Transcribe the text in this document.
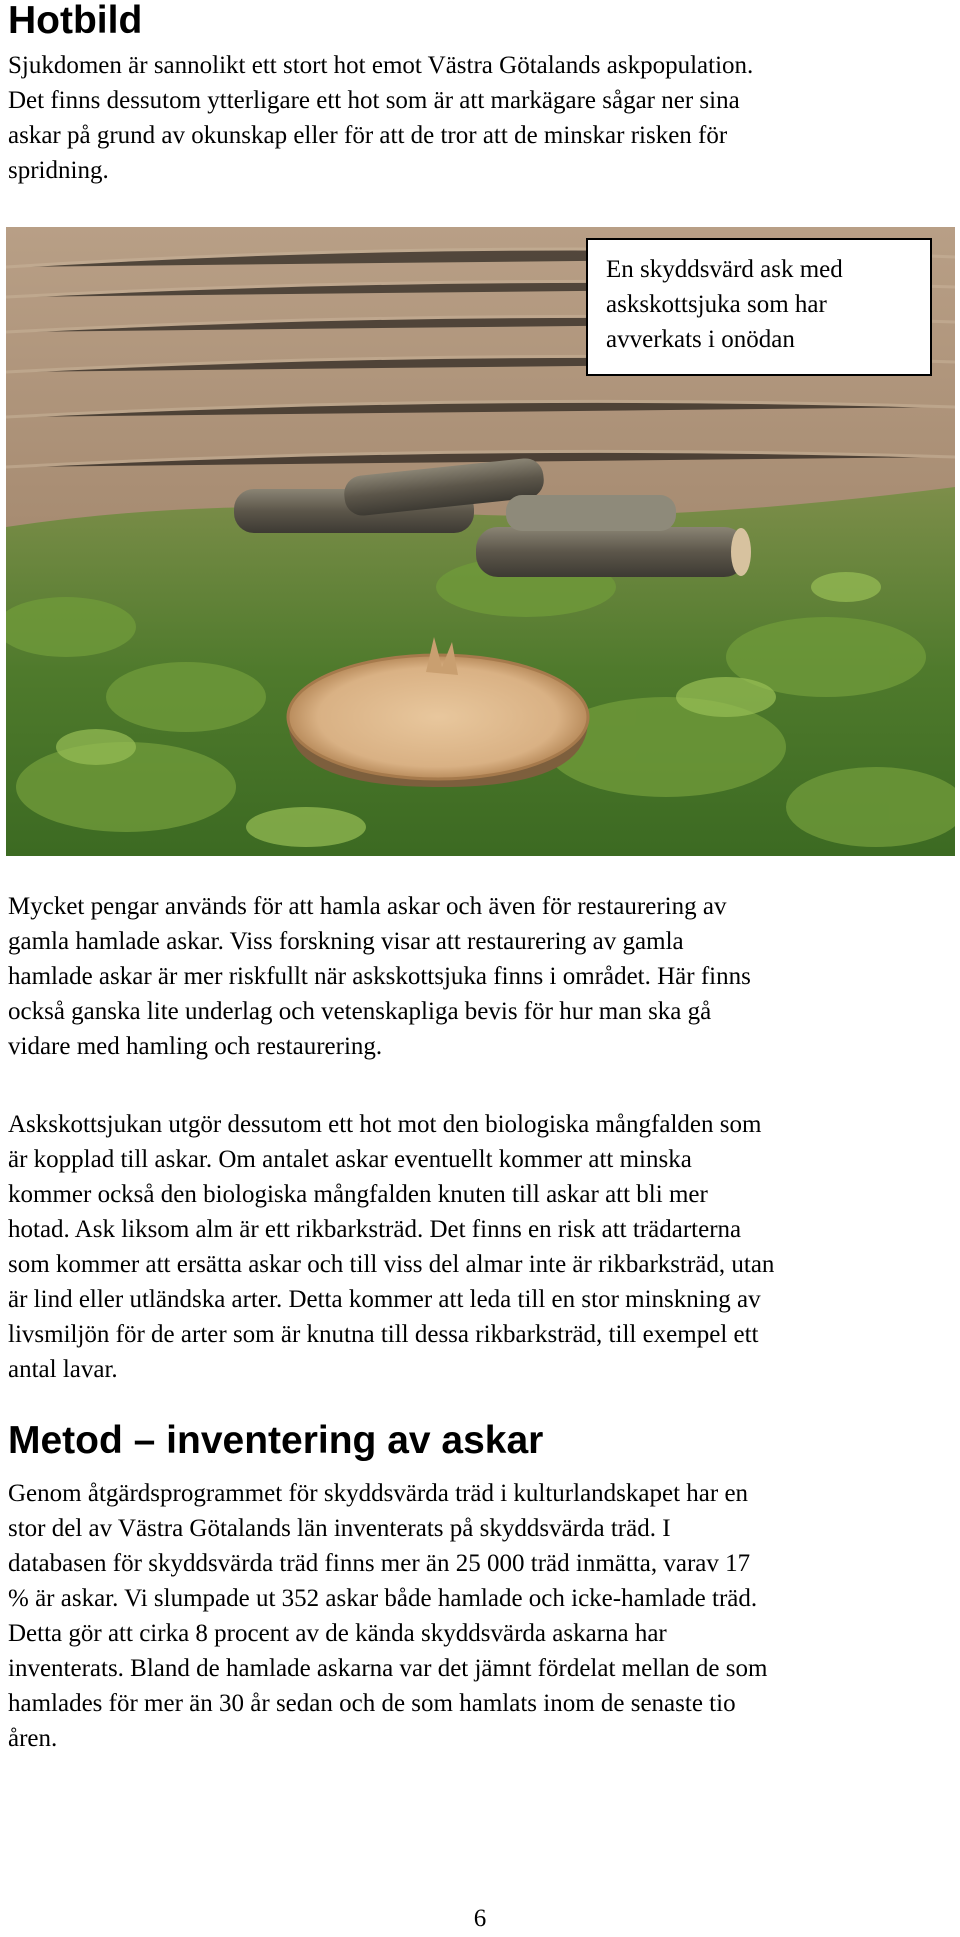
Hotbild

Sjukdomen är sannolikt ett stort hot emot Västra Götalands askpopulation.
Det finns dessutom ytterligare ett hot som är att markägare sågar ner sina
askar på grund av okunskap eller för att de tror att de minskar risken för
spridning.

En skyddsvärd ask med
askskottsjuka som har
avverkats i onödan

Mycket pengar används för att hamla askar och även för restaurering av
gamla hamlade askar. Viss forskning visar att restaurering av gamla
hamlade askar är mer riskfullt när askskottsjuka finns i området. Här finns
också ganska lite underlag och vetenskapliga bevis för hur man ska gå
vidare med hamling och restaurering.

Askskottsjukan utgör dessutom ett hot mot den biologiska mångfalden som
är kopplad till askar. Om antalet askar eventuellt kommer att minska
kommer också den biologiska mångfalden knuten till askar att bli mer
hotad. Ask liksom alm är ett rikbarksträd. Det finns en risk att trädarterna
som kommer att ersätta askar och till viss del almar inte är rikbarksträd, utan
är lind eller utländska arter. Detta kommer att leda till en stor minskning av
livsmiljön för de arter som är knutna till dessa rikbarksträd, till exempel ett
antal lavar.

Metod – inventering av askar

Genom åtgärdsprogrammet för skyddsvärda träd i kulturlandskapet har en
stor del av Västra Götalands län inventerats på skyddsvärda träd. I
databasen för skyddsvärda träd finns mer än 25 000 träd inmätta, varav 17
% är askar. Vi slumpade ut 352 askar både hamlade och icke-hamlade träd.
Detta gör att cirka 8 procent av de kända skyddsvärda askarna har
inventerats. Bland de hamlade askarna var det jämnt fördelat mellan de som
hamlades för mer än 30 år sedan och de som hamlats inom de senaste tio
åren.

6
